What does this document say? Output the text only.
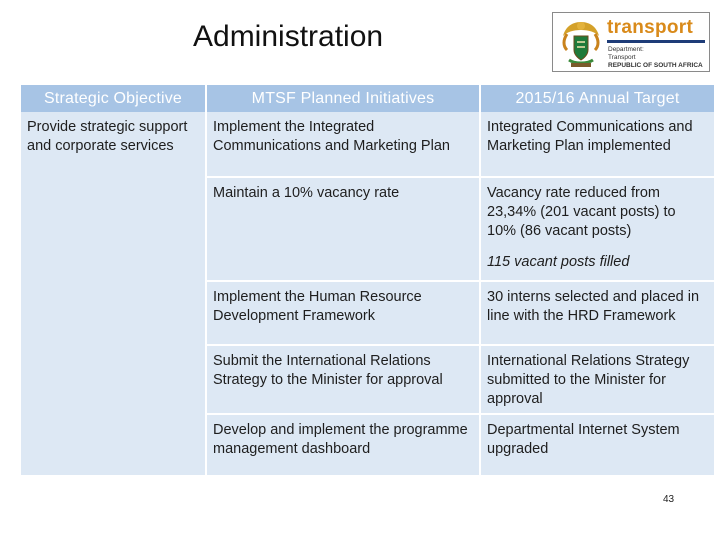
Administration	transport
Department:
Transport
REPUBLIC OF SOUTH AFRICA
Strategic Objective	MTSF Planned Initiatives	2015/16 Annual Target
Provide strategic support and corporate services	Implement the Integrated Communications and Marketing Plan	Integrated Communications and Marketing Plan implemented
	Maintain a 10% vacancy rate	Vacancy rate reduced from 23,34% (201 vacant posts) to 10% (86 vacant posts)
115 vacant posts filled

	Implement the Human Resource Development Framework	30 interns selected and placed in line with the HRD Framework
	Submit the International Relations Strategy to the Minister for approval	International Relations Strategy submitted to the Minister for approval
	Develop and implement the programme management dashboard	Departmental Internet System upgraded
43
